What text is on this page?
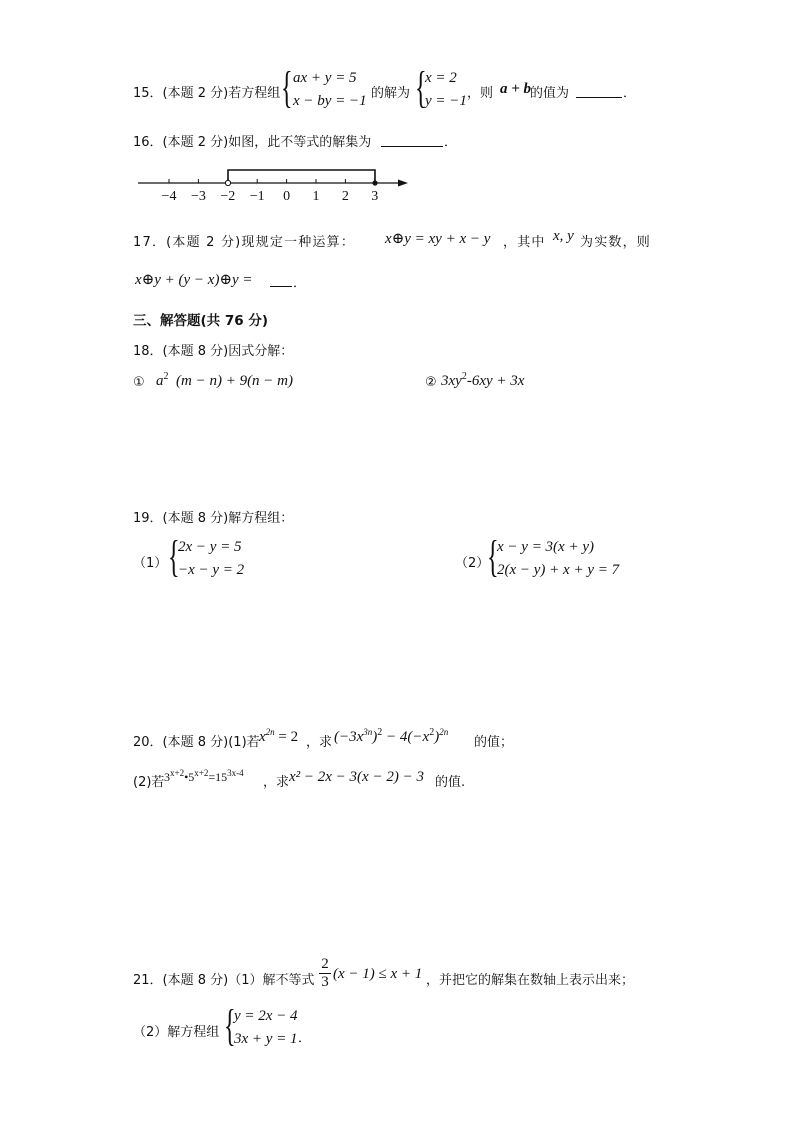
15．(本题 2 分)若方程组 { ax + y = 5
x − by = −1 的解为 {
x = 2
y = −1 ，则 a + b
的值为	．
16．(本题 2 分)如图，此不等式的解集为	．
−4 −3 −2 −1 0 1 2 3
17．(本题 2 分)现规定一种运算： x⊕y = xy + x − y ，其中 x, y 为实数，则
x⊕y + (y − x)⊕y =	．
三、解答题(共 76 分)
18．(本题 8 分)因式分解：
① $a^2$ (m − n) + 9(n − m)	② $3xy^2-6xy + 3x$
19．(本题 8 分)解方程组：
（1） {
2x − y = 5
−x − y = 2	（2）
{
x − y = 3(x + y)
2(x − y) + x + y = 7
20．(本题 8 分)(1)若 $x^{2n} = 2$ ，求 $(-3x^{3n})^2 - 4(-x^2)^{2n}$
的值；
(2)若 $3^{x+2}•5^{x+2}=15^{3x-4}$
，求 x² − 2x − 3(x − 2) − 3 的值.
21．(本题 8 分)（1）解不等式 $\frac{2}{3} (x - 1) \le x + 1$ ，并把它的解集在数轴上表示出来；
（2）解方程组 {
y = 2x − 4
3x + y = 1 ．
